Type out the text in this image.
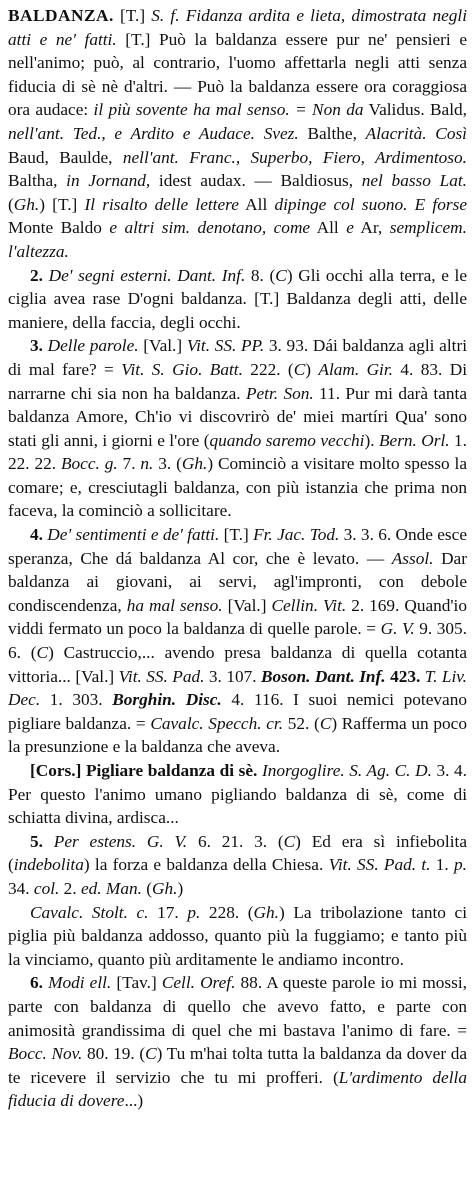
BALDANZA. [T.] S. f. Fidanza ardita e lieta, dimostrata negli atti e ne' fatti. [T.] Può la baldanza essere pur ne' pensieri e nell'animo; può, al contrario, l'uomo affettarla negli atti senza fiducia di sè nè d'altri. — Può la baldanza essere ora coraggiosa ora audace: il più sovente ha mal senso. = Non da Validus. Bald, nell'ant. Ted., e Ardito e Audace. Svez. Balthe, Alacrità. Così Baud, Baulde, nell'ant. Franc., Superbo, Fiero, Ardimentoso. Baltha, in Jornand, idest audax. — Baldiosus, nel basso Lat. (Gh.) [T.] Il risalto delle lettere All dipinge col suono. E forse Monte Baldo e altri sim. denotano, come All e Ar, semplicem. l'altezza.

2. De' segni esterni. Dant. Inf. 8. (C) Gli occhi alla terra, e le ciglia avea rase D'ogni baldanza. [T.] Baldanza degli atti, delle maniere, della faccia, degli occhi.

3. Delle parole. [Val.] Vit. SS. PP. 3. 93. Dái baldanza agli altri di mal fare? = Vit. S. Gio. Batt. 222. (C) Alam. Gir. 4. 83. Di narrarne chi sia non ha baldanza. Petr. Son. 11. Pur mi darà tanta baldanza Amore, Ch'io vi discovrirò de' miei martíri Qua' sono stati gli anni, i giorni e l'ore (quando saremo vecchi). Bern. Orl. 1. 22. 22. Bocc. g. 7. n. 3. (Gh.) Cominciò a visitare molto spesso la comare; e, cresciutagli baldanza, con più istanzia che prima non faceva, la cominciò a sollicitare.

4. De' sentimenti e de' fatti. [T.] Fr. Jac. Tod. 3. 3. 6. Onde esce speranza, Che dá baldanza Al cor, che è levato. — Assol. Dar baldanza ai giovani, ai servi, agl'impronti, con debole condiscendenza, ha mal senso. [Val.] Cellin. Vit. 2. 169. Quand'io viddi fermato un poco la baldanza di quelle parole. = G. V. 9. 305. 6. (C) Castruccio,... avendo presa baldanza di quella cotanta vittoria... [Val.] Vit. SS. Pad. 3. 107. Boson. Dant. Inf. 423. T. Liv. Dec. 1. 303. Borghin. Disc. 4. 116. I suoi nemici potevano pigliare baldanza. = Cavalc. Specch. cr. 52. (C) Rafferma un poco la presunzione e la baldanza che aveva.

[Cors.] Pigliare baldanza di sè. Inorgoglire. S. Ag. C. D. 3. 4. Per questo l'animo umano pigliando baldanza di sè, come di schiatta divina, ardisca...

5. Per estens. G. V. 6. 21. 3. (C) Ed era sì infiebolita (indebolita) la forza e baldanza della Chiesa. Vit. SS. Pad. t. 1. p. 34. col. 2. ed. Man. (Gh.)

Cavalc. Stolt. c. 17. p. 228. (Gh.) La tribolazione tanto ci piglia più baldanza addosso, quanto più la fuggiamo; e tanto più la vinciamo, quanto più arditamente le andiamo incontro.

6. Modi ell. [Tav.] Cell. Oref. 88. A queste parole io mi mossi, parte con baldanza di quello che avevo fatto, e parte con animosità grandissima di quel che mi bastava l'animo di fare. = Bocc. Nov. 80. 19. (C) Tu m'hai tolta tutta la baldanza da dover da te ricevere il servizio che tu mi profferi. (L'ardimento della fiducia di dovere...)
